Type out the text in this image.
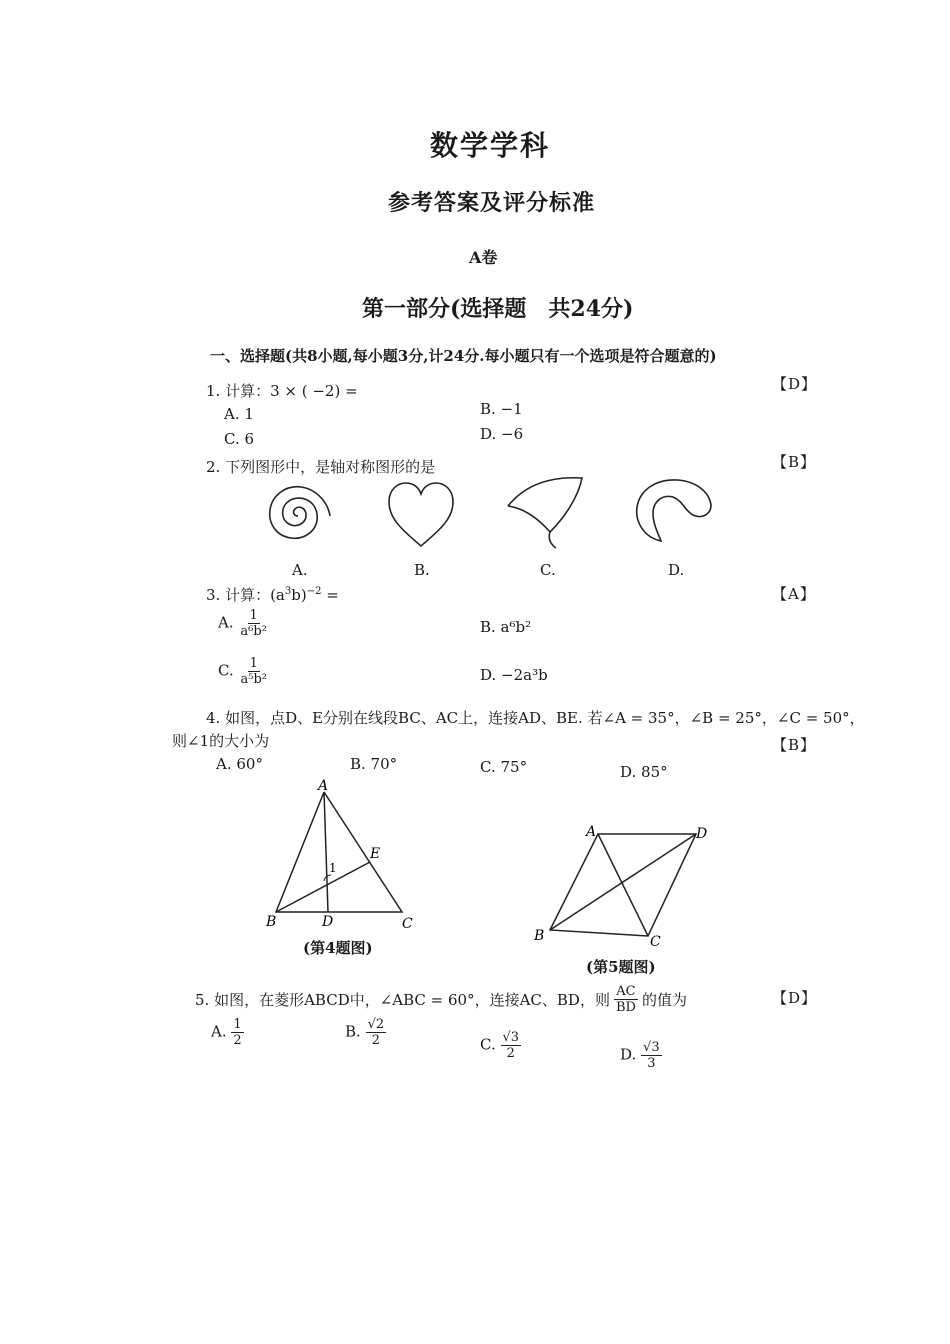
数学学科
参考答案及评分标准
A卷
第一部分(选择题　共24分)
一、选择题(共8小题,每小题3分,计24分.每小题只有一个选项是符合题意的)
1. 计算：3 × ( −2) =	【D】
A. 1	B. −1
C. 6	D. −6
2. 下列图形中，是轴对称图形的是	【B】
A.	B.	C.	D.
3. 计算：$(a^3b)^{-2}$ =	【A】
A. $\frac{1}{\text{a⁶b²}}$	B. a⁶b²
C. $\frac{1}{\text{a⁵b²}}$	D. −2a³b
4. 如图，点D、E分别在线段BC、AC上，连接AD、BE. 若∠A = 35°，∠B = 25°，∠C = 50°，
则∠1的大小为	【B】
A. 60°	B. 70°	C. 75°	D. 85°
A
B	C
D
E
1
(第4题图)
A
B	C
D
(第5题图)
5. 如图，在菱形ABCD中，∠ABC = 60°，连接AC、BD，则 $\frac{AC}{BD}$ 的值为	【D】
A. $\frac{1}{2}$	B. $\frac{√2}{2}$	C. $\frac{√3}{2}$	D. $\frac{√3}{3}$
